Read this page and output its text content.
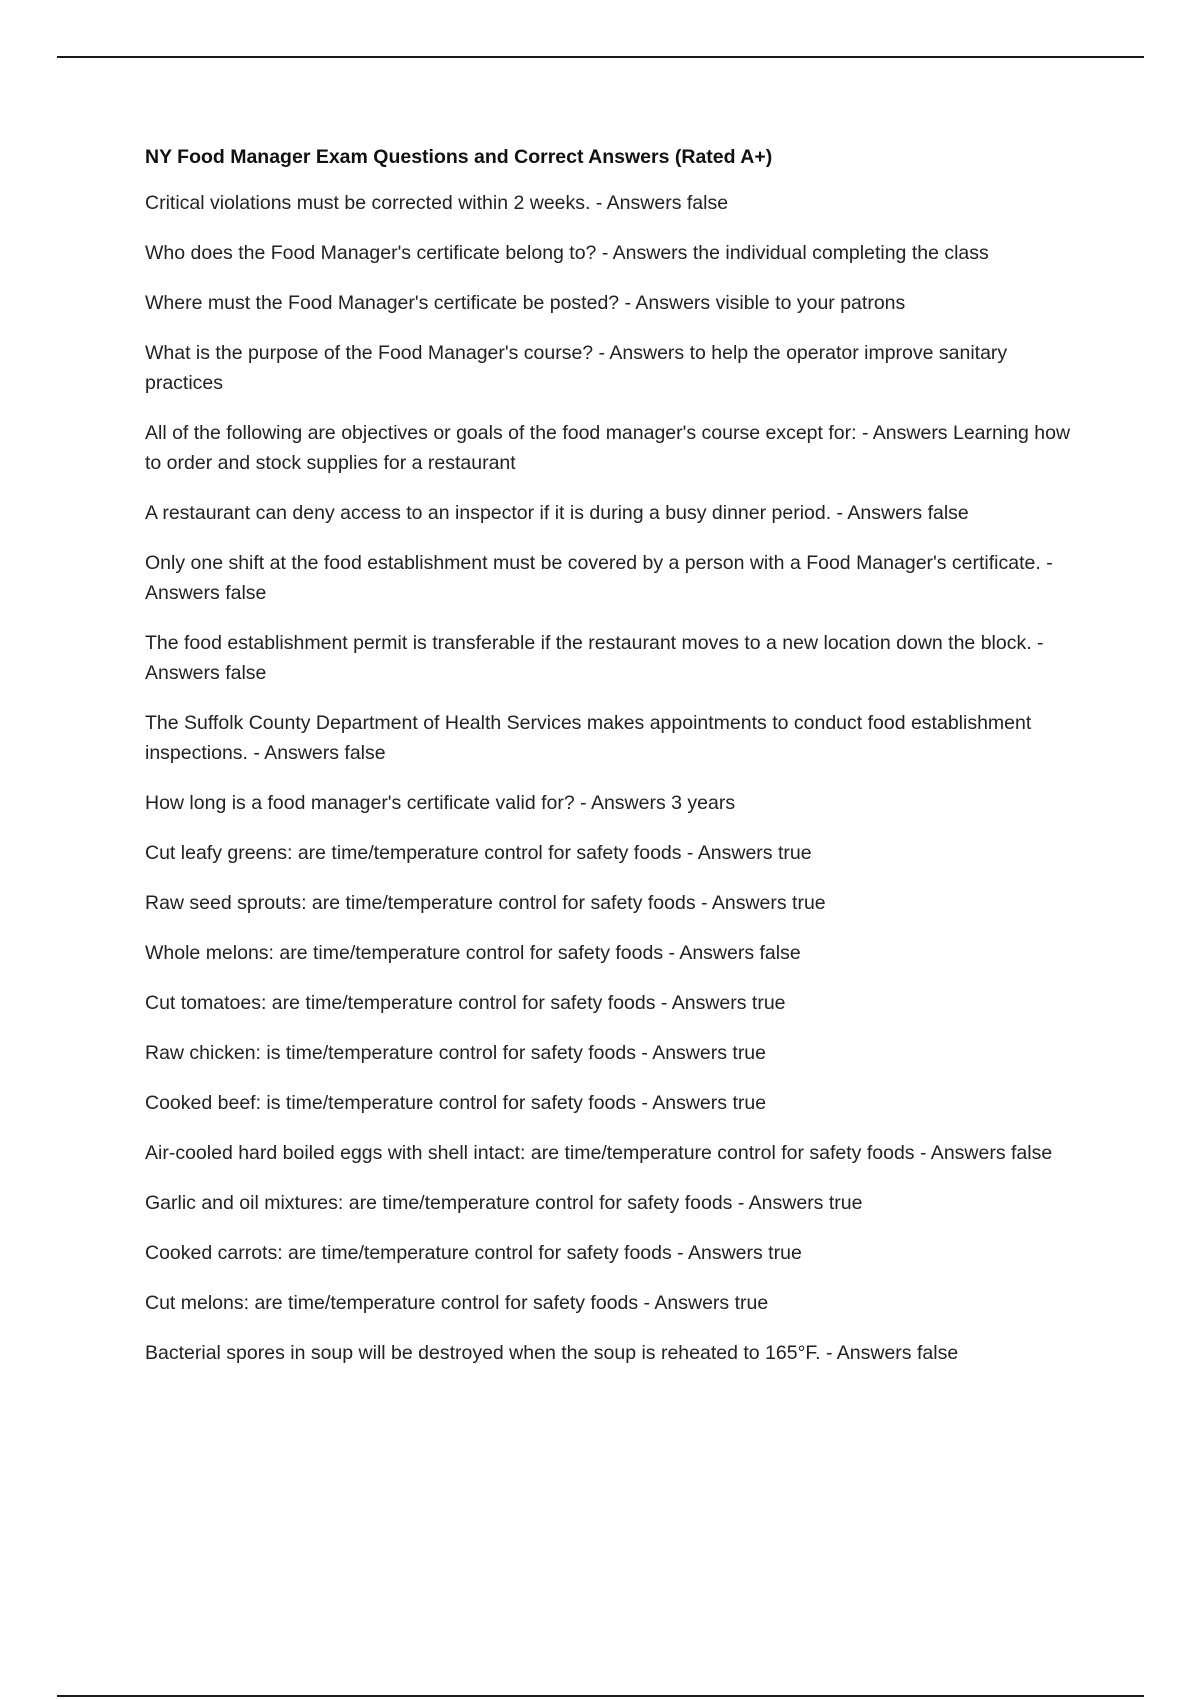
NY Food Manager Exam Questions and Correct Answers (Rated A+)

Critical violations must be corrected within 2 weeks. - Answers false

Who does the Food Manager's certificate belong to? - Answers the individual completing the class

Where must the Food Manager's certificate be posted? - Answers visible to your patrons

What is the purpose of the Food Manager's course? - Answers to help the operator improve sanitary practices

All of the following are objectives or goals of the food manager's course except for: - Answers Learning how to order and stock supplies for a restaurant

A restaurant can deny access to an inspector if it is during a busy dinner period. - Answers false

Only one shift at the food establishment must be covered by a person with a Food Manager's certificate. - Answers false

The food establishment permit is transferable if the restaurant moves to a new location down the block. - Answers false

The Suffolk County Department of Health Services makes appointments to conduct food establishment inspections. - Answers false

How long is a food manager's certificate valid for? - Answers 3 years

Cut leafy greens: are time/temperature control for safety foods - Answers true

Raw seed sprouts: are time/temperature control for safety foods - Answers true

Whole melons: are time/temperature control for safety foods - Answers false

Cut tomatoes: are time/temperature control for safety foods - Answers true

Raw chicken: is time/temperature control for safety foods - Answers true

Cooked beef: is time/temperature control for safety foods - Answers true

Air-cooled hard boiled eggs with shell intact: are time/temperature control for safety foods - Answers false

Garlic and oil mixtures: are time/temperature control for safety foods - Answers true

Cooked carrots: are time/temperature control for safety foods - Answers true

Cut melons: are time/temperature control for safety foods - Answers true

Bacterial spores in soup will be destroyed when the soup is reheated to 165°F. - Answers false
